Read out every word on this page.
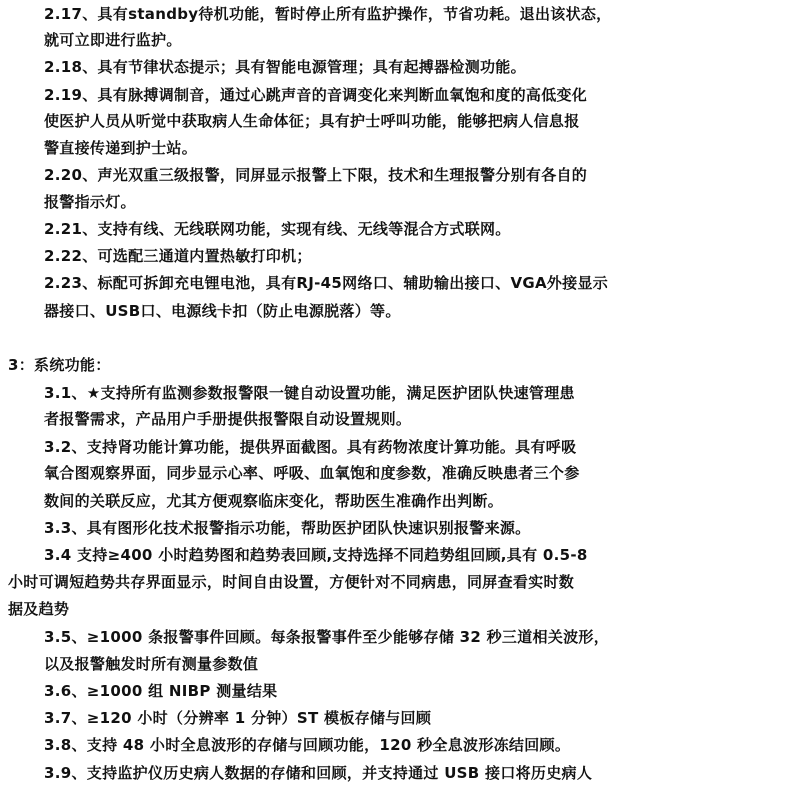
2.17、具有standby待机功能，暂时停止所有监护操作，节省功耗。退出该状态，
就可立即进行监护。
2.18、具有节律状态提示；具有智能电源管理；具有起搏器检测功能。
2.19、具有脉搏调制音，通过心跳声音的音调变化来判断血氧饱和度的高低变化
使医护人员从听觉中获取病人生命体征；具有护士呼叫功能，能够把病人信息报
警直接传递到护士站。
2.20、声光双重三级报警，同屏显示报警上下限，技术和生理报警分别有各自的
报警指示灯。
2.21、支持有线、无线联网功能，实现有线、无线等混合方式联网。
2.22、可选配三通道内置热敏打印机；
2.23、标配可拆卸充电锂电池，具有RJ-45网络口、辅助输出接口、VGA外接显示
器接口、USB口、电源线卡扣（防止电源脱落）等。
3：系统功能：
3.1、★支持所有监测参数报警限一键自动设置功能，满足医护团队快速管理患
者报警需求，产品用户手册提供报警限自动设置规则。
3.2、支持肾功能计算功能，提供界面截图。具有药物浓度计算功能。具有呼吸
氧合图观察界面，同步显示心率、呼吸、血氧饱和度参数，准确反映患者三个参
数间的关联反应，尤其方便观察临床变化，帮助医生准确作出判断。
3.3、具有图形化技术报警指示功能，帮助医护团队快速识别报警来源。
3.4 支持≥400 小时趋势图和趋势表回顾,支持选择不同趋势组回顾,具有 0.5-8
小时可调短趋势共存界面显示，时间自由设置，方便针对不同病患，同屏查看实时数
据及趋势
3.5、≥1000 条报警事件回顾。每条报警事件至少能够存储 32 秒三道相关波形，
以及报警触发时所有测量参数值
3.6、≥1000 组 NIBP 测量结果
3.7、≥120 小时（分辨率 1 分钟）ST 模板存储与回顾
3.8、支持 48 小时全息波形的存储与回顾功能，120 秒全息波形冻结回顾。
3.9、支持监护仪历史病人数据的存储和回顾，并支持通过 USB 接口将历史病人
